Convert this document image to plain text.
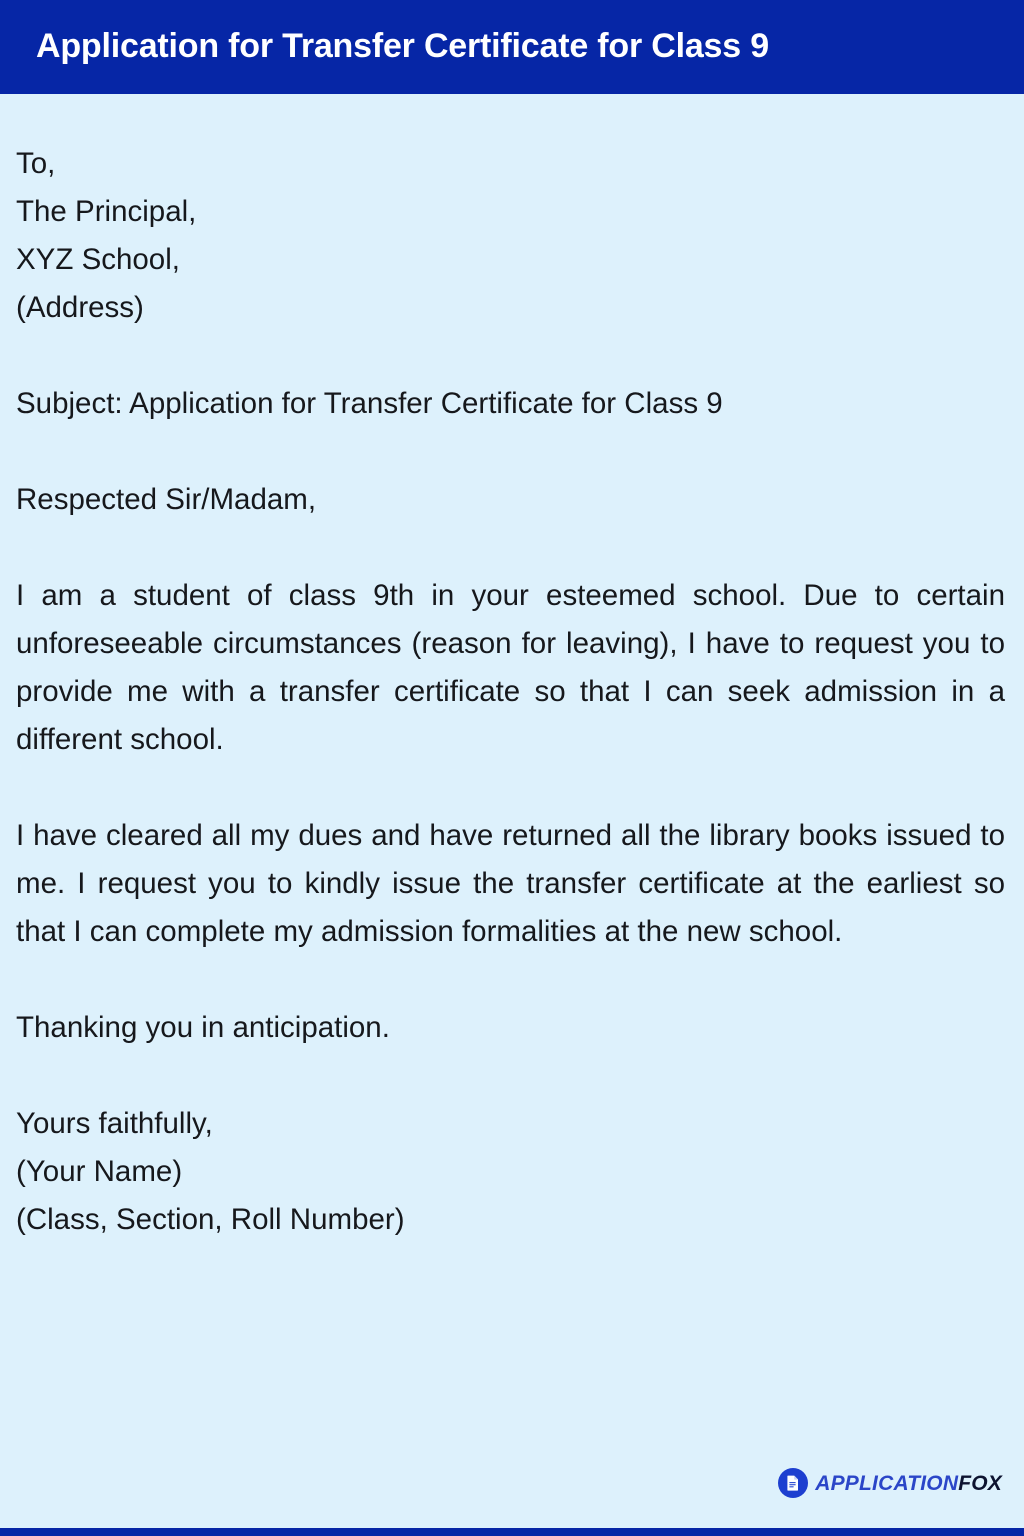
Application for Transfer Certificate for Class 9
To,
The Principal,
XYZ School,
(Address)
Subject: Application for Transfer Certificate for Class 9
Respected Sir/Madam,

I am a student of class 9th in your esteemed school. Due to certain unforeseeable circumstances (reason for leaving), I have to request you to provide me with a transfer certificate so that I can seek admission in a different school.

I have cleared all my dues and have returned all the library books issued to me. I request you to kindly issue the transfer certificate at the earliest so that I can complete my admission formalities at the new school.

Thanking you in anticipation.
Yours faithfully,
(Your Name)
(Class, Section, Roll Number)
APPLICATIONFOX
